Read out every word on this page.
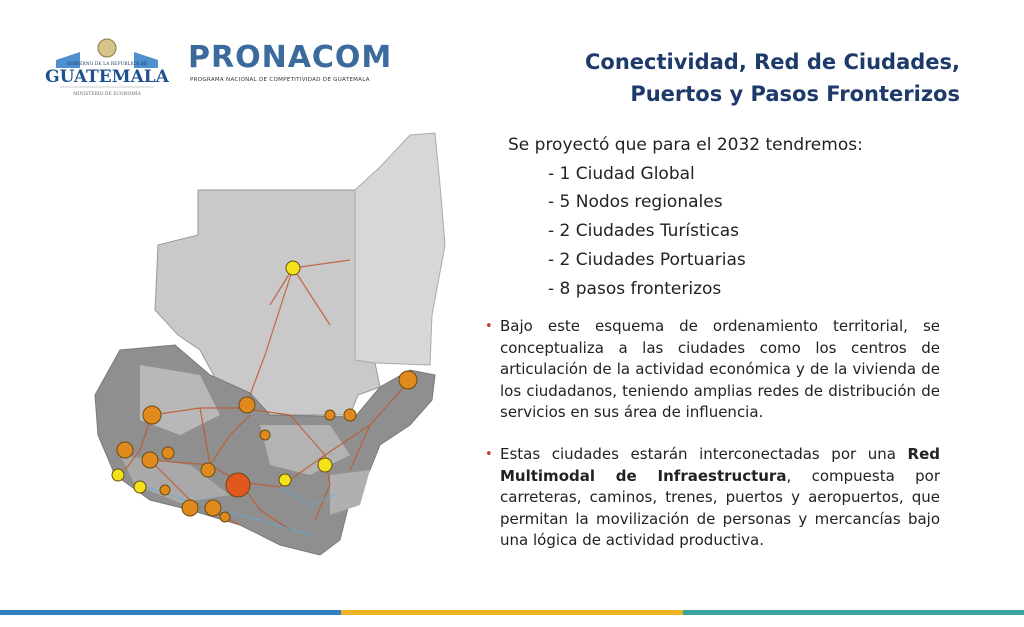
GOBIERNO DE LA REPÚBLICA DE
GUATEMALA
MINISTERIO DE ECONOMÍA
PRONACOM
PROGRAMA NACIONAL DE COMPETITIVIDAD DE GUATEMALA
Conectividad, Red de Ciudades,
Puertos y Pasos Fronterizos
Se proyectó que para el 2032 tendremos:
- 1 Ciudad Global
- 5 Nodos regionales
- 2 Ciudades Turísticas
- 2 Ciudades Portuarias
- 8 pasos fronterizos
• Bajo este esquema de ordenamiento territorial, se conceptualiza a las ciudades como los centros de articulación de la actividad económica y de la vivienda de los ciudadanos, teniendo amplias redes de distribución de servicios en sus área de influencia.
• Estas ciudades estarán interconectadas por una Red Multimodal de Infraestructura, compuesta por carreteras, caminos, trenes, puertos y aeropuertos, que permitan la movilización de personas y mercancías bajo una lógica de actividad productiva.
